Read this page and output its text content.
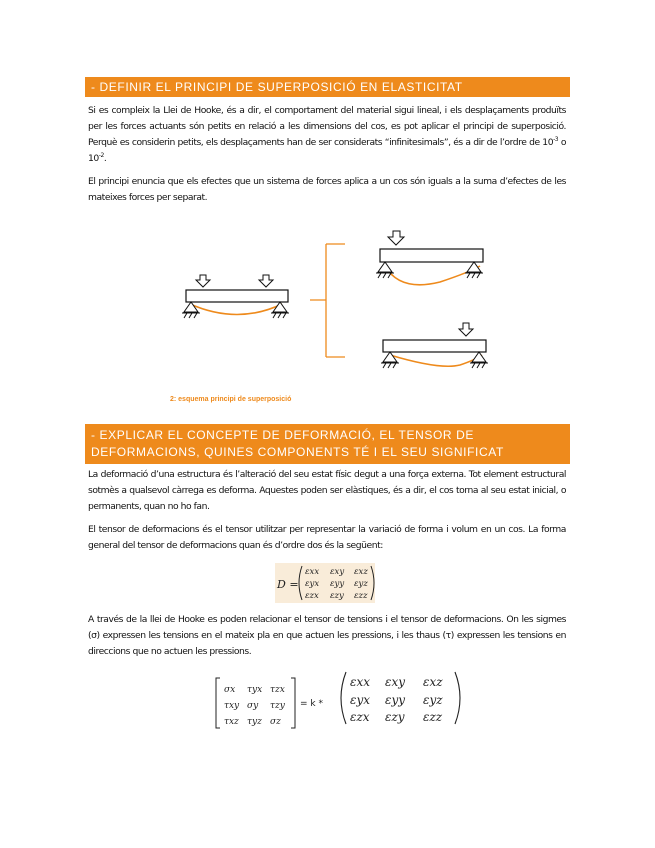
- DEFINIR EL PRINCIPI DE SUPERPOSICIÓ EN ELASTICITAT

Si es compleix la Llei de Hooke, és a dir, el comportament del material sigui lineal, i els desplaçaments produïts per les forces actuants són petits en relació a les dimensions del cos, es pot aplicar el principi de superposició. Perquè es considerin petits, els desplaçaments han de ser considerats “infinitesimals”, és a dir de l’ordre de $10^{-3}$ o $10^{-2}$.

El principi enuncia que els efectes que un sistema de forces aplica a un cos són iguals a la suma d’efectes de les mateixes forces per separat.

2: esquema principi de superposició
- EXPLICAR EL CONCEPTE DE DEFORMACIÓ, EL TENSOR DE
DEFORMACIONS, QUINES COMPONENTS TÉ I EL SEU SIGNIFICAT

La deformació d’una estructura és l’alteració del seu estat físic degut a una força externa. Tot element estructural sotmès a qualsevol càrrega es deforma. Aquestes poden ser elàstiques, és a dir, el cos torna al seu estat inicial, o permanents, quan no ho fan.

El tensor de deformacions és el tensor utilitzar per representar la variació de forma i volum en un cos. La forma general del tensor de deformacions quan és d’ordre dos és la següent:

D =
εxx εxy εxz
εyx εyy εyz
εzx εzy εzz

A través de la llei de Hooke es poden relacionar el tensor de tensions i el tensor de deformacions. On les sigmes (σ) expressen les tensions en el mateix pla en que actuen les pressions, i les thaus (τ) expressen les tensions en direccions que no actuen les pressions.

σx τyx τzx
τxy σy τzy
τxz τyz σz
= k *
εxx εxy εxz
εyx εyy εyz
εzx εzy εzz
